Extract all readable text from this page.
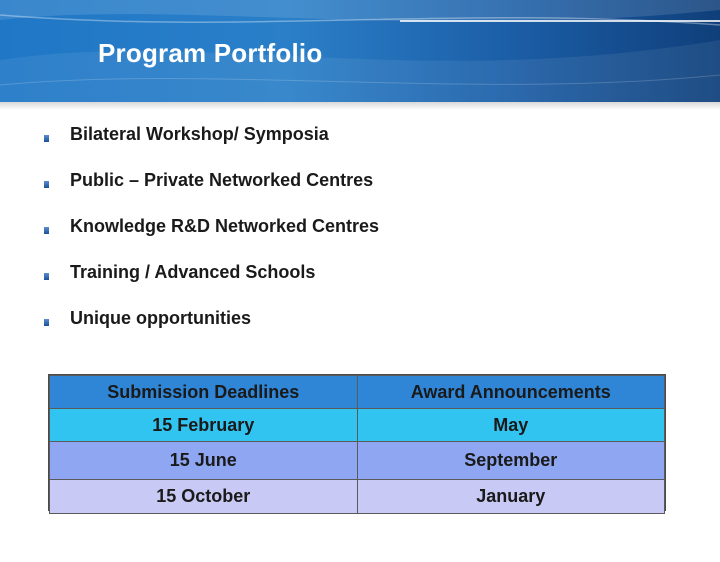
Program Portfolio
Bilateral Workshop/ Symposia
Public – Private Networked Centres
Knowledge R&D Networked Centres
Training / Advanced Schools
Unique opportunities
Submission Deadlines	Award Announcements
15 February	May
15 June	September
15 October	January
